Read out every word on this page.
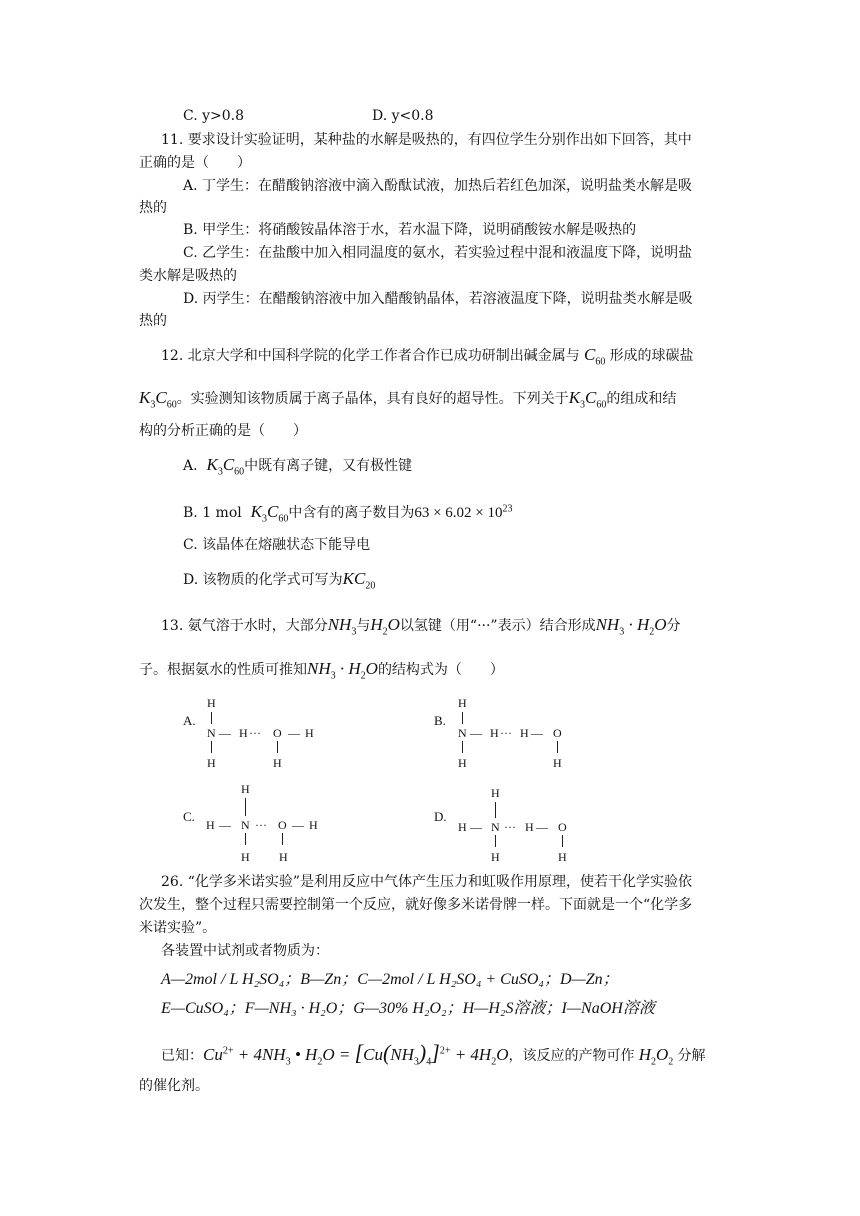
C. y>0.8	D. y<0.8
11. 要求设计实验证明，某种盐的水解是吸热的，有四位学生分别作出如下回答，其中
正确的是（　　）
A. 丁学生：在醋酸钠溶液中滴入酚酞试液，加热后若红色加深，说明盐类水解是吸
热的
B. 甲学生：将硝酸铵晶体溶于水，若水温下降，说明硝酸铵水解是吸热的
C. 乙学生：在盐酸中加入相同温度的氨水，若实验过程中混和液温度下降，说明盐
类水解是吸热的
D. 丙学生：在醋酸钠溶液中加入醋酸钠晶体，若溶液温度下降，说明盐类水解是吸
热的
12. 北京大学和中国科学院的化学工作者合作已成功研制出碱金属与 $C_{60}$ 形成的球碳盐
$K_3C_{60}$。实验测知该物质属于离子晶体，具有良好的超导性。下列关于$K_3C_{60}$的组成和结
构的分析正确的是（　　）
A. $K_3C_{60}$中既有离子键，又有极性键
B. 1 mol $K_3C_{60}$中含有的离子数目为$63 \times 6.02 \times 10^{23}$
C. 该晶体在熔融状态下能导电
D. 该物质的化学式可写为$KC_{20}$
13. 氨气溶于水时，大部分$NH_3$与$H_2O$以氢键（用“···”表示）结合形成$NH_3 \cdot H_2O$分
子。根据氨水的性质可推知$NH_3 \cdot H_2O$的结构式为（　　）
A.
H
N — H ··· O — H
H	H
B.
H
N — H ··· H — O
H	H
C.
H
H — N ··· O — H
H H
D.
H
H — N ··· H — O
H	H
26. “化学多米诺实验”是利用反应中气体产生压力和虹吸作用原理，使若干化学实验依
次发生，整个过程只需要控制第一个反应，就好像多米诺骨牌一样。下面就是一个“化学多
米诺实验”。
各装置中试剂或者物质为：
A—2mol / L H₂SO₄；B—Zn；C—2mol / L H₂SO₄ + CuSO₄；D—Zn；
E—CuSO₄；F—NH₃ · H₂O；G—30% H₂O₂；H—H₂S溶液；I—NaOH溶液
已知：$Cu^{2+} + 4NH_3$ • $H_2O = [Cu(NH_3)_4]^{2+} + 4H_2O$，该反应的产物可作 $H_2O_2$ 分解
的催化剂。
